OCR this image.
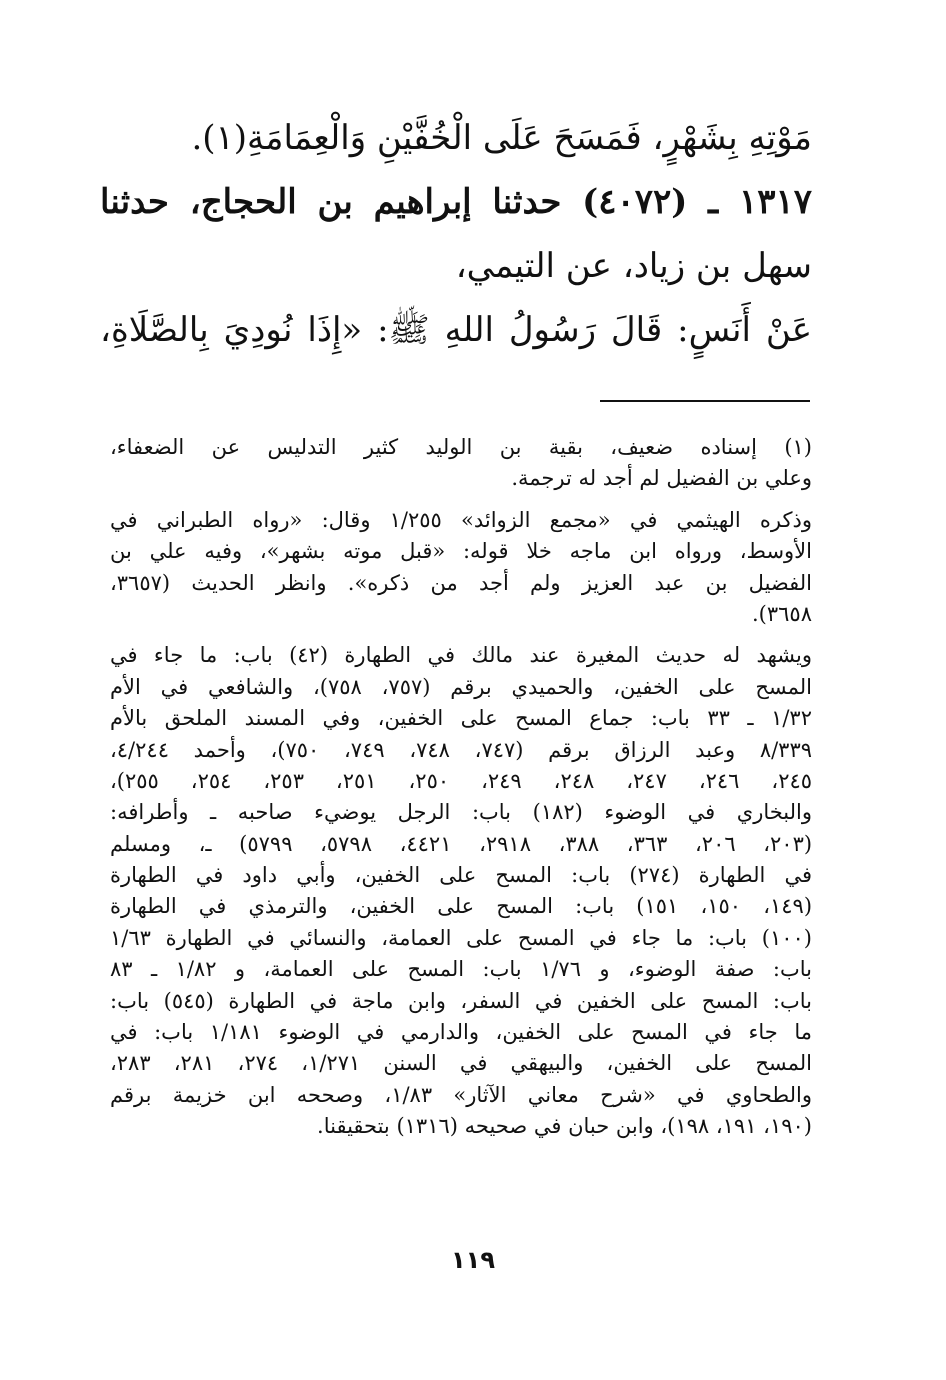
مَوْتِهِ بِشَهْرٍ، فَمَسَحَ عَلَى الْخُفَّيْنِ وَالْعِمَامَةِ(١).
١٣١٧ ـ (٤٠٧٢) حدثنا إبراهيم بن الحجاج، حدثنا
سهل بن زياد، عن التيمي،
عَنْ أَنَسٍ: قَالَ رَسُولُ اللهِ ﷺ: «إِذَا نُودِيَ بِالصَّلَاةِ،
(١) إسناده ضعيف، بقية بن الوليد كثير التدليس عن الضعفاء،
وعلي بن الفضيل لم أجد له ترجمة.
وذكره الهيثمي في «مجمع الزوائد» ١/٢٥٥ وقال: «رواه الطبراني في
الأوسط، ورواه ابن ماجه خلا قوله: «قبل موته بشهر»، وفيه علي بن
الفضيل بن عبد العزيز ولم أجد من ذكره». وانظر الحديث (٣٦٥٧،
٣٦٥٨).
ويشهد له حديث المغيرة عند مالك في الطهارة (٤٢) باب: ما جاء في
المسح على الخفين، والحميدي برقم (٧٥٧، ٧٥٨)، والشافعي في الأم
١/٣٢ ـ ٣٣ باب: جماع المسح على الخفين، وفي المسند الملحق بالأم
٨/٣٣٩ وعبد الرزاق برقم (٧٤٧، ٧٤٨، ٧٤٩، ٧٥٠)، وأحمد ٤/٢٤٤،
٢٤٥، ٢٤٦، ٢٤٧، ٢٤٨، ٢٤٩، ٢٥٠، ٢٥١، ٢٥٣، ٢٥٤، ٢٥٥)،
والبخاري في الوضوء (١٨٢) باب: الرجل يوضيء صاحبه ـ وأطرافه:
(٢٠٣، ٢٠٦، ٣٦٣، ٣٨٨، ٢٩١٨، ٤٤٢١، ٥٧٩٨، ٥٧٩٩) ـ، ومسلم
في الطهارة (٢٧٤) باب: المسح على الخفين، وأبي داود في الطهارة
(١٤٩، ١٥٠، ١٥١) باب: المسح على الخفين، والترمذي في الطهارة
(١٠٠) باب: ما جاء في المسح على العمامة، والنسائي في الطهارة ١/٦٣
باب: صفة الوضوء، و ١/٧٦ باب: المسح على العمامة، و ١/٨٢ ـ ٨٣
باب: المسح على الخفين في السفر، وابن ماجة في الطهارة (٥٤٥) باب:
ما جاء في المسح على الخفين، والدارمي في الوضوء ١/١٨١ باب: في
المسح على الخفين، والبيهقي في السنن ١/٢٧١، ٢٧٤، ٢٨١، ٢٨٣،
والطحاوي في «شرح معاني الآثار» ١/٨٣، وصححه ابن خزيمة برقم
(١٩٠، ١٩١، ١٩٨)، وابن حبان في صحيحه (١٣١٦) بتحقيقنا.
١١٩
